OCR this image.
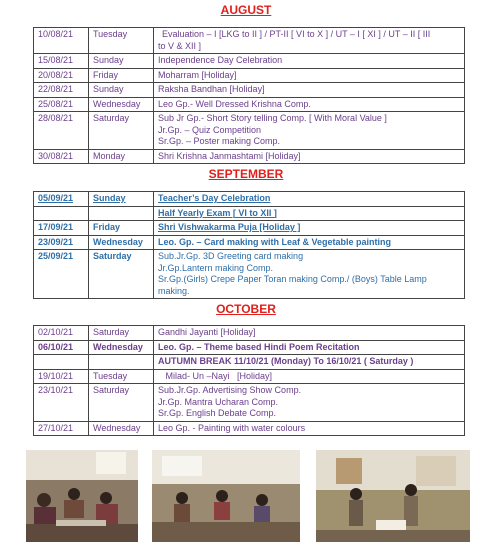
AUGUST
10/08/21	Tuesday	Evaluation – I [LKG to II ] / PT-II [ VI to X ] / UT – I [ XI ] / UT – II [ III
to V & XII ]

15/08/21	Sunday	Independence Day Celebration
20/08/21	Friday	Moharram [Holiday]
22/08/21	Sunday	Raksha Bandhan [Holiday]
25/08/21	Wednesday	Leo Gp.- Well Dressed Krishna Comp.
28/08/21	Saturday	Sub Jr Gp.- Short Story telling Comp. [ With Moral Value ]
Jr.Gp. – Quiz Competition
Sr.Gp. – Poster making Comp.

30/08/21	Monday	Shri Krishna Janmashtami [Holiday]
SEPTEMBER
05/09/21	Sunday	Teacher’s Day Celebration
		Half Yearly Exam [ VI to XII ]
17/09/21	Friday	Shri Vishwakarma Puja [Holiday ]
23/09/21	Wednesday	Leo. Gp. – Card making with Leaf & Vegetable painting
25/09/21	Saturday	Sub.Jr.Gp. 3D Greeting card making
Jr.Gp.Lantern making Comp.
Sr.Gp.(Girls) Crepe Paper Toran making Comp./ (Boys) Table Lamp
making.
OCTOBER
02/10/21	Saturday	Gandhi Jayanti [Holiday]
06/10/21	Wednesday	Leo. Gp. – Theme based Hindi Poem Recitation
		AUTUMN BREAK 11/10/21 (Monday) To 16/10/21 ( Saturday )
19/10/21	Tuesday	Milad- Un –Nayi   [Holiday]
23/10/21	Saturday	Sub.Jr.Gp. Advertising Show Comp.
Jr.Gp. Mantra Ucharan Comp.
Sr.Gp. English Debate Comp.

27/10/21	Wednesday	Leo Gp. - Painting with water colours
